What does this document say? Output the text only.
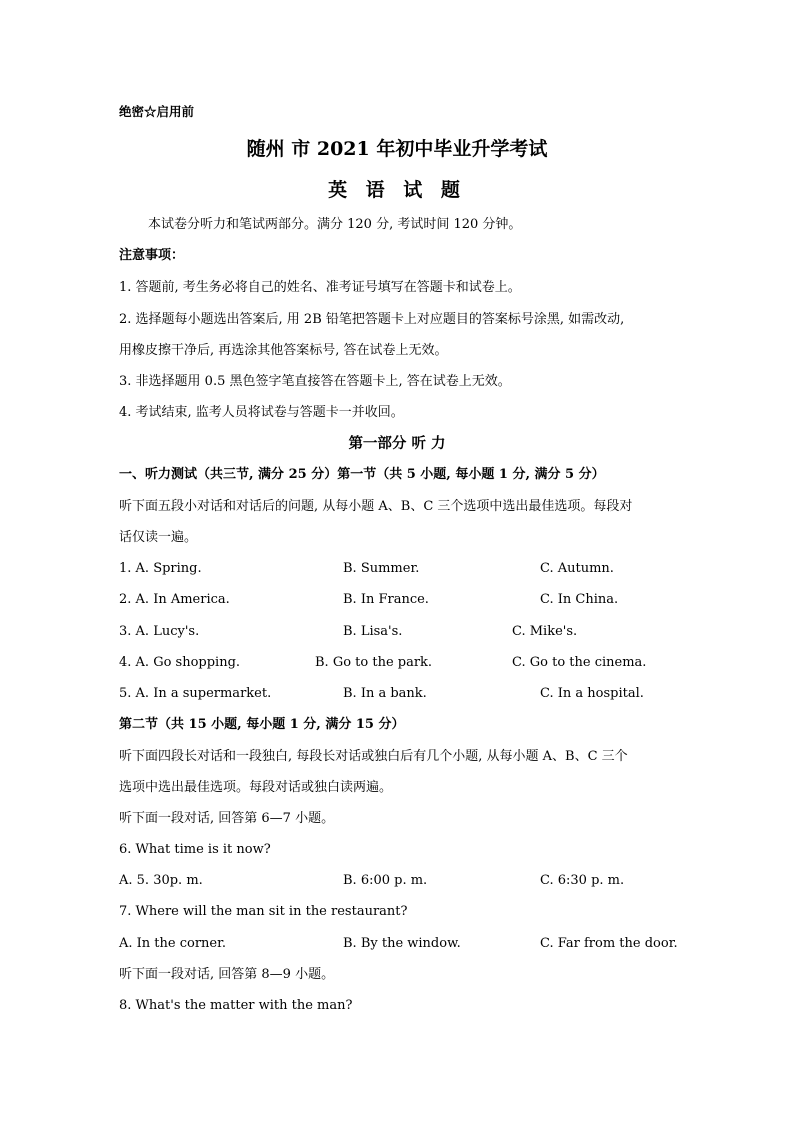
绝密☆启用前
随州 市 2021 年初中毕业升学考试
英 语 试 题
本试卷分听力和笔试两部分。满分 120 分, 考试时间 120 分钟。
注意事项：
1. 答题前, 考生务必将自己的姓名、准考证号填写在答题卡和试卷上。
2. 选择题每小题选出答案后, 用 2B 铅笔把答题卡上对应题目的答案标号涂黑, 如需改动,
用橡皮擦干净后, 再选涂其他答案标号, 答在试卷上无效。
3. 非选择题用 0.5 黑色签字笔直接答在答题卡上, 答在试卷上无效。
4. 考试结束, 监考人员将试卷与答题卡一并收回。
第一部分 听 力
一、听力测试（共三节, 满分 25 分）第一节（共 5 小题, 每小题 1 分, 满分 5 分）
听下面五段小对话和对话后的问题, 从每小题 A、B、C 三个选项中选出最佳选项。每段对
话仅读一遍。
1. A. Spring.	B. Summer.	C. Autumn.
2. A. In America.	B. In France.	C. In China.
3. A. Lucy's.	B. Lisa's.	C. Mike's.
4. A. Go shopping.	B. Go to the park.	C. Go to the cinema.
5. A. In a supermarket.	B. In a bank.	C. In a hospital.
第二节（共 15 小题, 每小题 1 分, 满分 15 分）
听下面四段长对话和一段独白, 每段长对话或独白后有几个小题, 从每小题 A、B、C 三个
选项中选出最佳选项。每段对话或独白读两遍。
听下面一段对话, 回答第 6—7 小题。
6. What time is it now?
A. 5. 30p. m.	B. 6:00 p. m.	C. 6:30 p. m.
7. Where will the man sit in the restaurant?
A. In the corner.	B. By the window.	C. Far from the door.
听下面一段对话, 回答第 8—9 小题。
8. What's the matter with the man?
